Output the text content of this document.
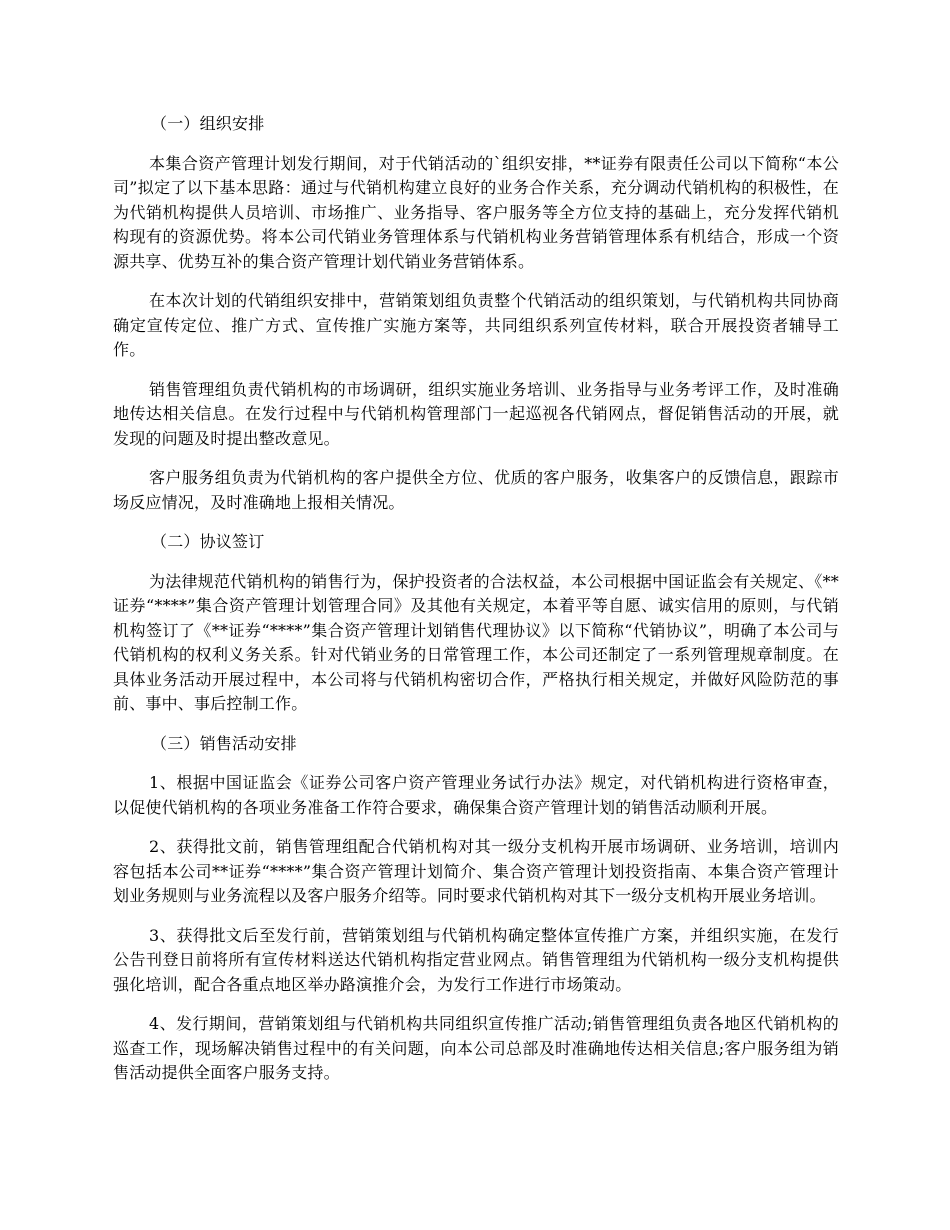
（一）组织安排

本集合资产管理计划发行期间，对于代销活动的`组织安排，**证券有限责任公司以下简称“本公司”拟定了以下基本思路：通过与代销机构建立良好的业务合作关系，充分调动代销机构的积极性，在为代销机构提供人员培训、市场推广、业务指导、客户服务等全方位支持的基础上，充分发挥代销机构现有的资源优势。将本公司代销业务管理体系与代销机构业务营销管理体系有机结合，形成一个资源共享、优势互补的集合资产管理计划代销业务营销体系。

在本次计划的代销组织安排中，营销策划组负责整个代销活动的组织策划，与代销机构共同协商确定宣传定位、推广方式、宣传推广实施方案等，共同组织系列宣传材料，联合开展投资者辅导工作。

销售管理组负责代销机构的市场调研，组织实施业务培训、业务指导与业务考评工作，及时准确地传达相关信息。在发行过程中与代销机构管理部门一起巡视各代销网点，督促销售活动的开展，就发现的问题及时提出整改意见。

客户服务组负责为代销机构的客户提供全方位、优质的客户服务，收集客户的反馈信息，跟踪市场反应情况，及时准确地上报相关情况。

（二）协议签订

为法律规范代销机构的销售行为，保护投资者的合法权益，本公司根据中国证监会有关规定、《**证券“****”集合资产管理计划管理合同》及其他有关规定，本着平等自愿、诚实信用的原则，与代销机构签订了《**证券“****”集合资产管理计划销售代理协议》以下简称“代销协议”，明确了本公司与代销机构的权利义务关系。针对代销业务的日常管理工作，本公司还制定了一系列管理规章制度。在具体业务活动开展过程中，本公司将与代销机构密切合作，严格执行相关规定，并做好风险防范的事前、事中、事后控制工作。

（三）销售活动安排

1、根据中国证监会《证券公司客户资产管理业务试行办法》规定，对代销机构进行资格审查，以促使代销机构的各项业务准备工作符合要求，确保集合资产管理计划的销售活动顺利开展。

2、获得批文前，销售管理组配合代销机构对其一级分支机构开展市场调研、业务培训，培训内容包括本公司**证券“****”集合资产管理计划简介、集合资产管理计划投资指南、本集合资产管理计划业务规则与业务流程以及客户服务介绍等。同时要求代销机构对其下一级分支机构开展业务培训。

3、获得批文后至发行前，营销策划组与代销机构确定整体宣传推广方案，并组织实施，在发行公告刊登日前将所有宣传材料送达代销机构指定营业网点。销售管理组为代销机构一级分支机构提供强化培训，配合各重点地区举办路演推介会，为发行工作进行市场策动。

4、发行期间，营销策划组与代销机构共同组织宣传推广活动;销售管理组负责各地区代销机构的巡查工作，现场解决销售过程中的有关问题，向本公司总部及时准确地传达相关信息;客户服务组为销售活动提供全面客户服务支持。
